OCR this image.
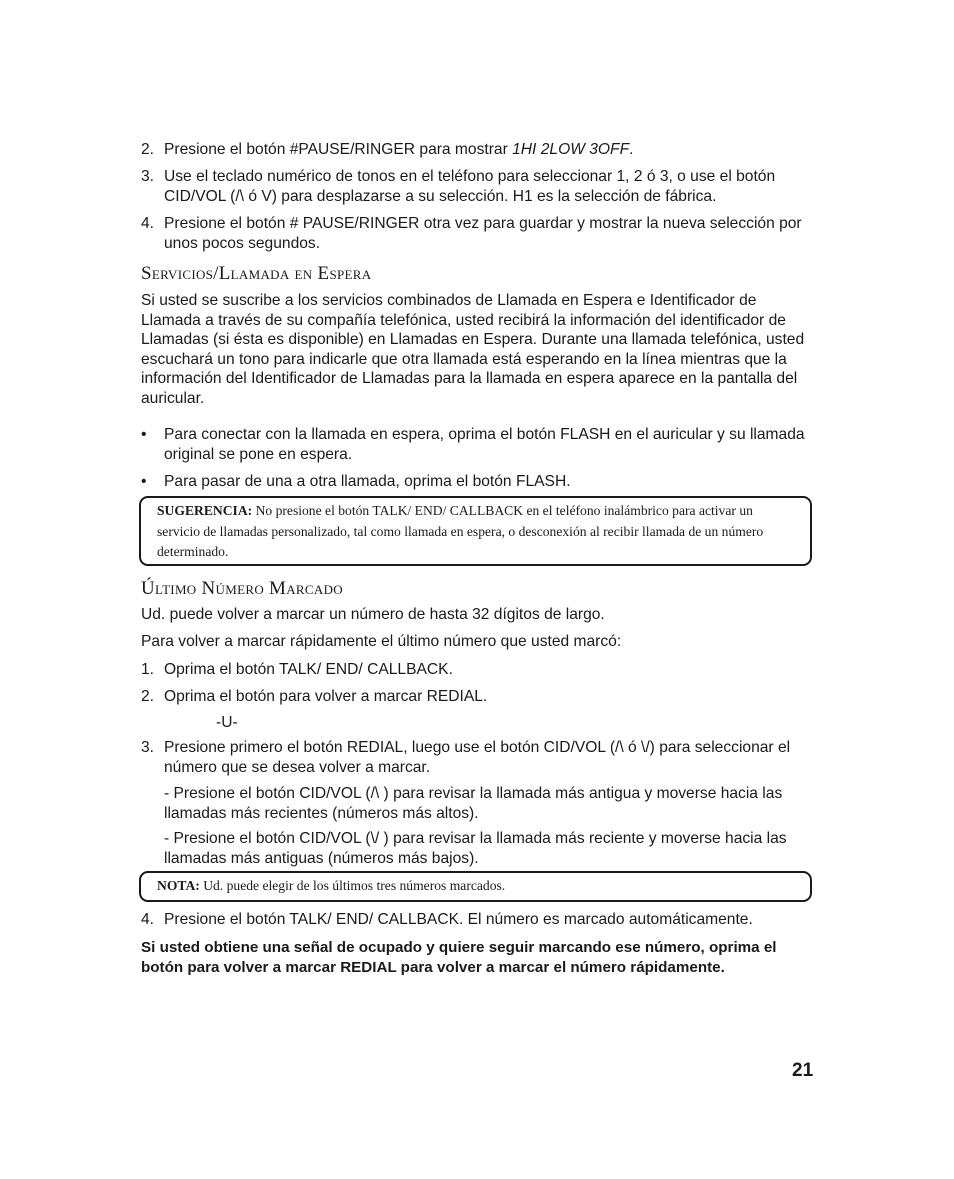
2. Presione el botón #PAUSE/RINGER para mostrar 1HI 2LOW 3OFF.
3. Use el teclado numérico de tonos en el teléfono para seleccionar 1, 2 ó 3, o use el botón CID/VOL (/\ ó V) para desplazarse a su selección. H1 es la selección de fábrica.
4. Presione el botón # PAUSE/RINGER otra vez para guardar y mostrar la nueva selección por unos pocos segundos.
Servicios/Llamada en Espera
Si usted se suscribe a los servicios combinados de Llamada en Espera e Identificador de Llamada a través de su compañía telefónica, usted recibirá la información del identificador de Llamadas (si ésta es disponible) en Llamadas en Espera. Durante una llamada telefónica, usted escuchará un tono para indicarle que otra llamada está esperando en la línea mientras que la información del Identificador de Llamadas para la llamada en espera aparece en la pantalla del auricular.
• Para conectar con la llamada en espera, oprima el botón FLASH en el auricular y su llamada original se pone en espera.
• Para pasar de una a otra llamada, oprima el botón FLASH.
SUGERENCIA: No presione el botón TALK/ END/ CALLBACK en el teléfono inalámbrico para activar un servicio de llamadas personalizado, tal como llamada en espera, o desconexión al recibir llamada de un número determinado.
Último Número Marcado
Ud. puede volver a marcar un número de hasta 32 dígitos de largo.
Para volver a marcar rápidamente el último número que usted marcó:
1. Oprima el botón TALK/ END/ CALLBACK.
2. Oprima el botón para volver a marcar REDIAL.
-U-
3. Presione primero el botón REDIAL, luego use el botón CID/VOL (/\ ó \/) para seleccionar el número que se desea volver a marcar.
- Presione el botón CID/VOL (/\ ) para revisar la llamada más antigua y moverse hacia las llamadas más recientes (números más altos).
- Presione el botón CID/VOL (\/ ) para revisar la llamada más reciente y moverse hacia las llamadas más antiguas (números más bajos).
NOTA: Ud. puede elegir de los últimos tres números marcados.
4. Presione el botón TALK/ END/ CALLBACK. El número es marcado automáticamente.
Si usted obtiene una señal de ocupado y quiere seguir marcando ese número, oprima el botón para volver a marcar REDIAL para volver a marcar el número rápidamente.
21
